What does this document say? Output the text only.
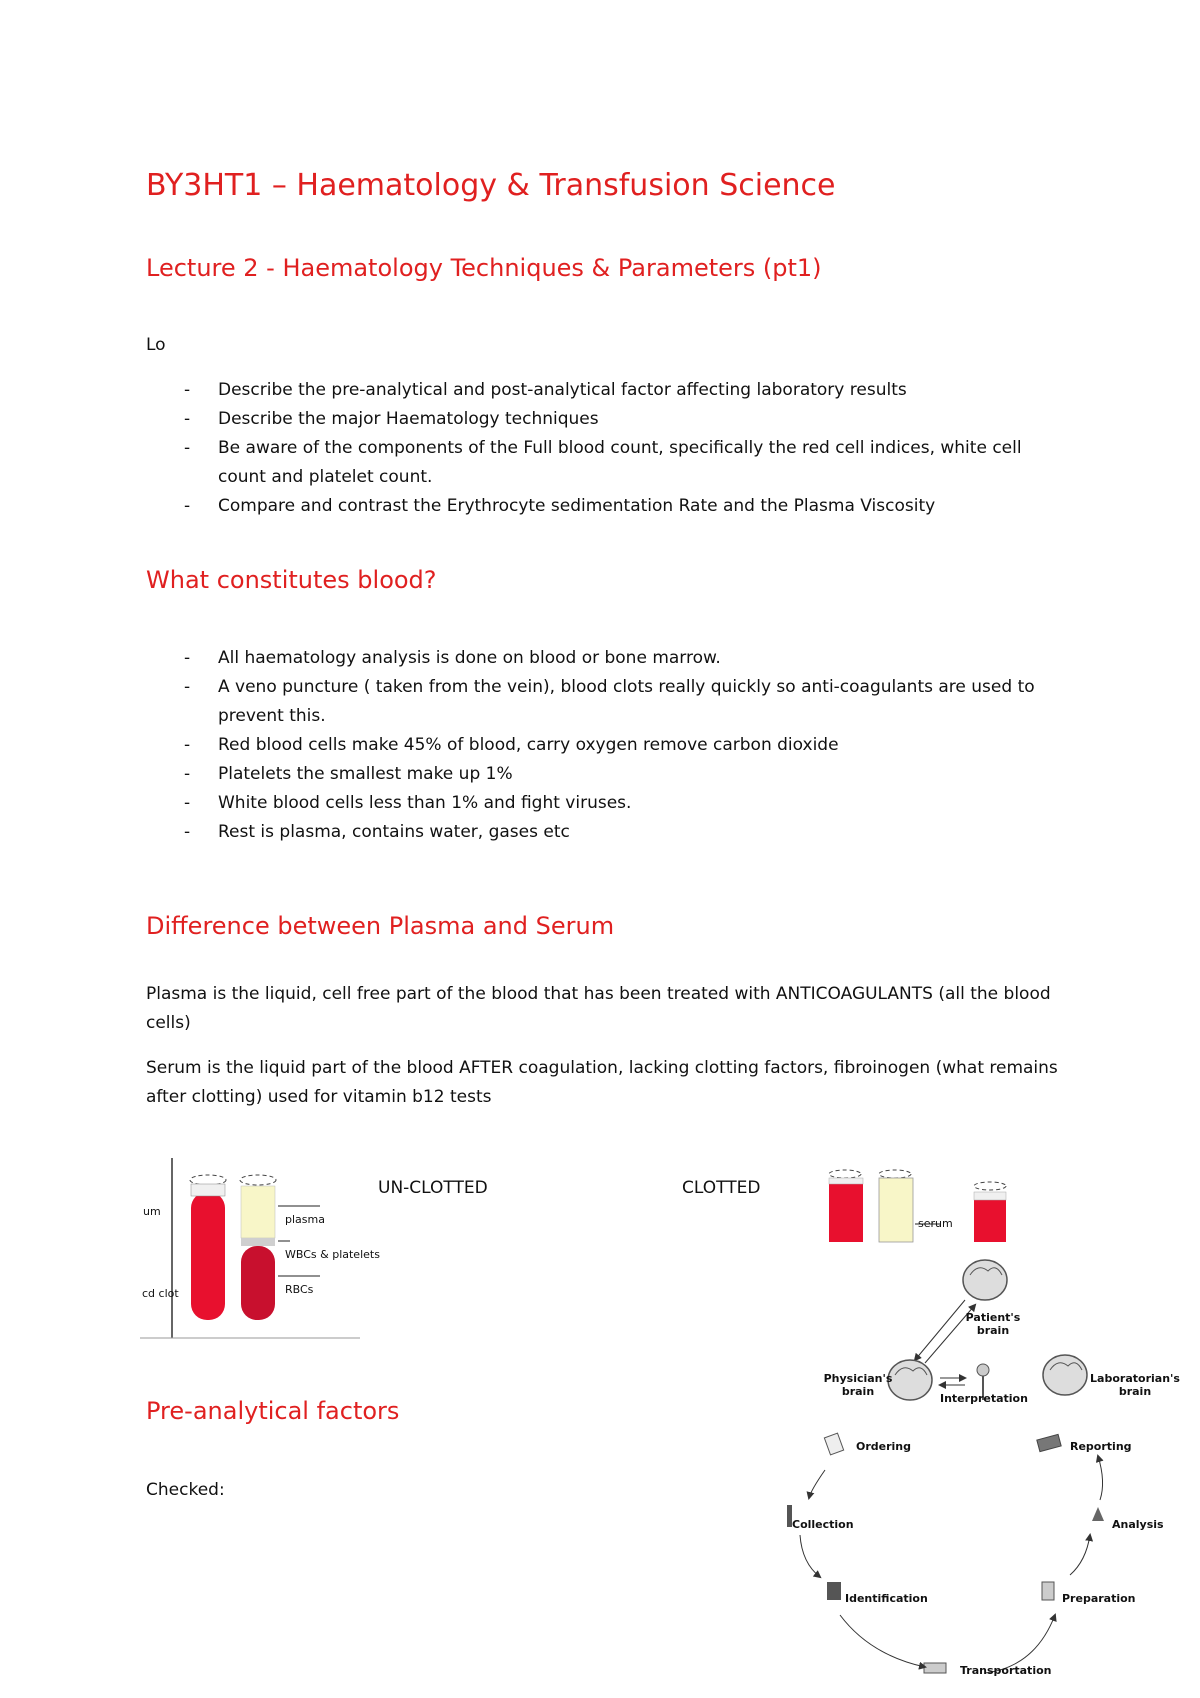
BY3HT1 – Haematology & Transfusion Science
Lecture 2 - Haematology Techniques & Parameters (pt1)
Lo
- Describe the pre-analytical and post-analytical factor affecting laboratory results
- Describe the major Haematology techniques
- Be aware of the components of the Full blood count, specifically the red cell indices, white cell count and platelet count.
- Compare and contrast the Erythrocyte sedimentation Rate and the Plasma Viscosity
What constitutes blood?
- All haematology analysis is done on blood or bone marrow.
- A veno puncture ( taken from the vein), blood clots really quickly so anti-coagulants are used to prevent this.
- Red blood cells make 45% of blood, carry oxygen remove carbon dioxide
- Platelets the smallest make up 1%
- White blood cells less than 1% and fight viruses.
- Rest is plasma, contains water, gases etc
Difference between Plasma and Serum
Plasma is the liquid, cell free part of the blood that has been treated with ANTICOAGULANTS (all the blood cells)
Serum is the liquid part of the blood AFTER coagulation, lacking clotting factors, fibroinogen (what remains after clotting) used for vitamin b12 tests
um
cd clot
plasma
WBCs & platelets
RBCs
UN-CLOTTED	CLOTTED
serum
Pre-analytical factors
Checked:
Patient's brain
Physician's brain
Interpretation
Laboratorian's brain
Ordering	Reporting
Collection	Analysis
Identification	Preparation
Transportation
